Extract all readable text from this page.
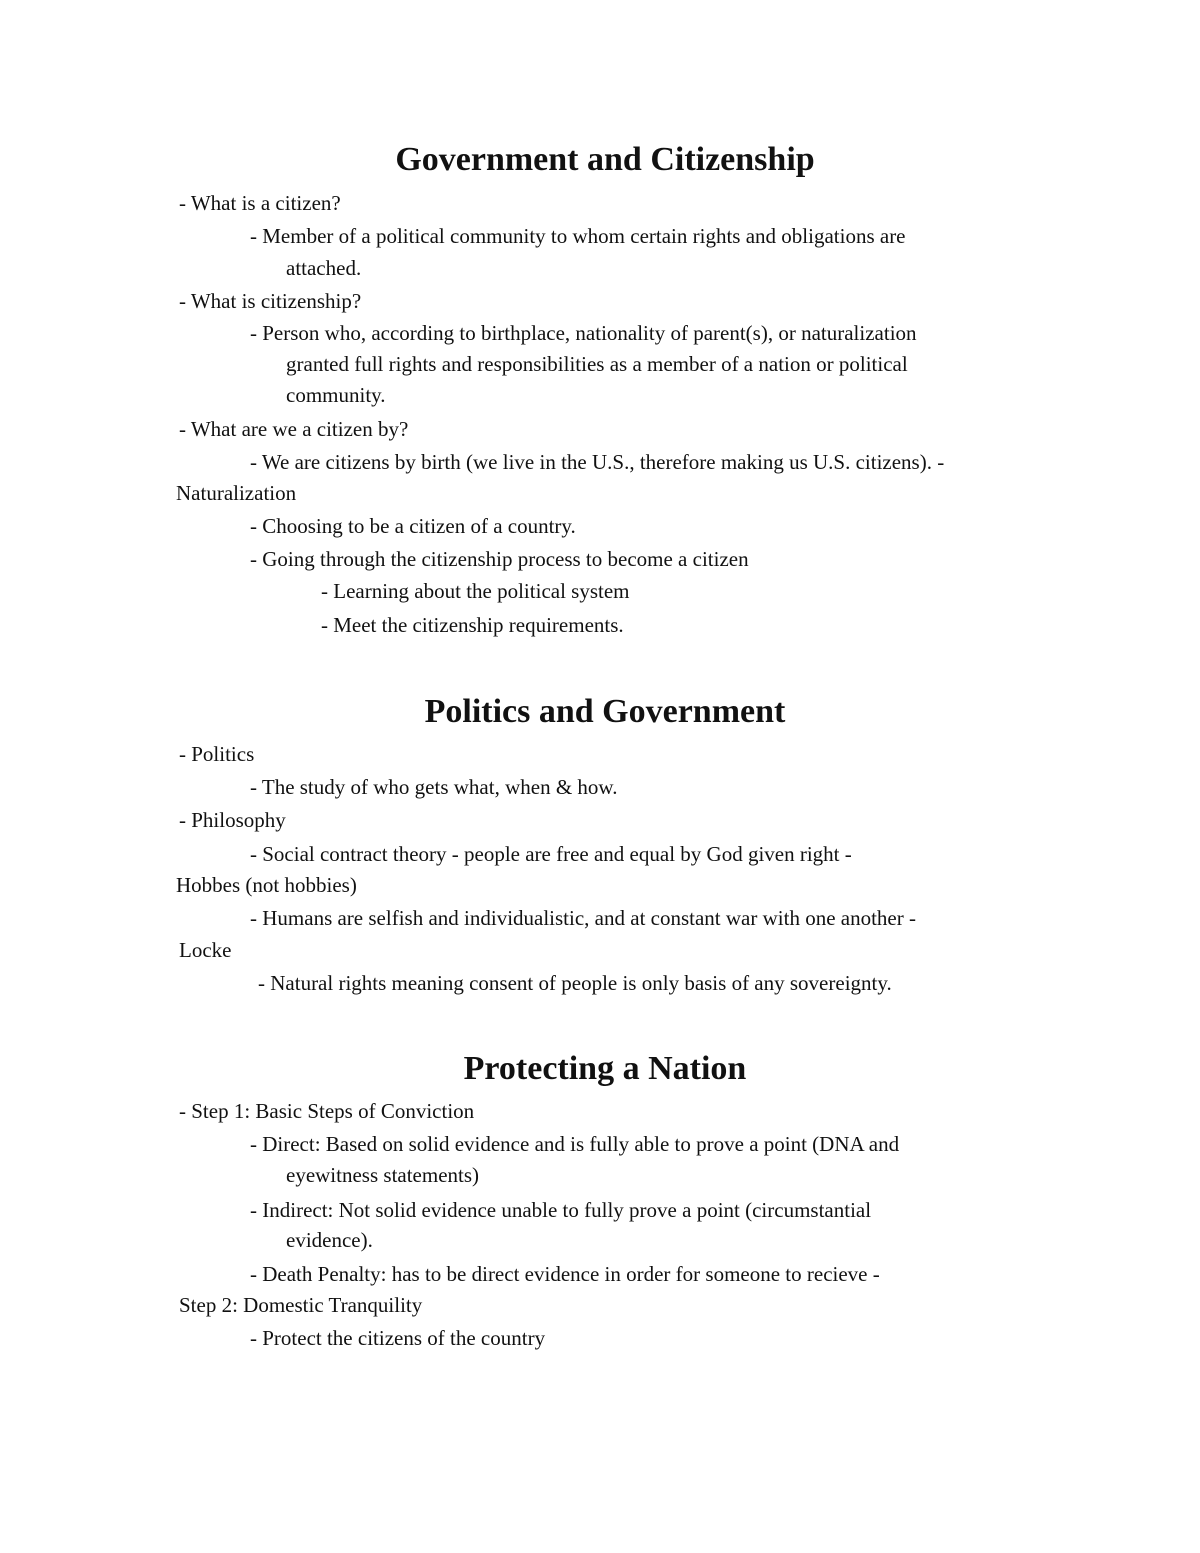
Government and Citizenship

- What is a citizen?

- Member of a political community to whom certain rights and obligations are

attached.

- What is citizenship?

- Person who, according to birthplace, nationality of parent(s), or naturalization

granted full rights and responsibilities as a member of a nation or political

community.

- What are we a citizen by?

- We are citizens by birth (we live in the U.S., therefore making us U.S. citizens). -

Naturalization

- Choosing to be a citizen of a country.

- Going through the citizenship process to become a citizen

- Learning about the political system

- Meet the citizenship requirements.

Politics and Government

- Politics

- The study of who gets what, when & how.

- Philosophy

- Social contract theory - people are free and equal by God given right -

Hobbes (not hobbies)

- Humans are selfish and individualistic, and at constant war with one another -

Locke

- Natural rights meaning consent of people is only basis of any sovereignty.

Protecting a Nation

- Step 1: Basic Steps of Conviction

- Direct: Based on solid evidence and is fully able to prove a point (DNA and

eyewitness statements)

- Indirect: Not solid evidence unable to fully prove a point (circumstantial

evidence).

- Death Penalty: has to be direct evidence in order for someone to recieve -

Step 2: Domestic Tranquility

- Protect the citizens of the country
